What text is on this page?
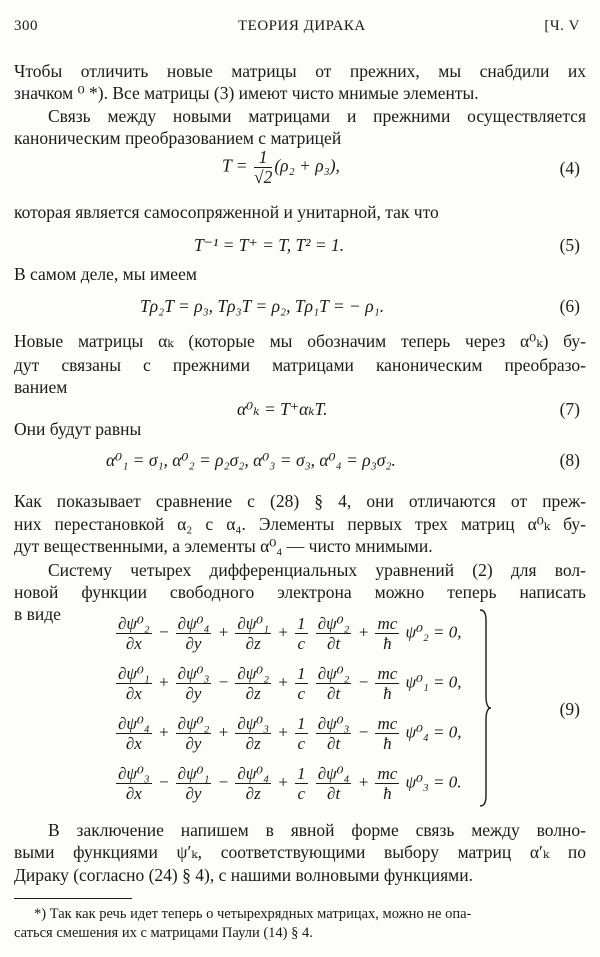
300	ТЕОРИЯ ДИРАКА	[Ч. V
Чтобы отличить новые матрицы от прежних, мы снабдили их
значком ⁰ *). Все матрицы (3) имеют чисто мнимые элементы.
Связь между новыми матрицами и прежними осуществляется
каноническим преобразованием с матрицей
$T = \frac{1}{√2} (\rho_2 + \rho_3)$,	(4)
которая является самосопряженной и унитарной, так что
T⁻¹ = T⁺ = T, T² = 1.	(5)
В самом деле, мы имеем
Tρ₂T = ρ₃, Tρ₃T = ρ₂, Tρ₁T = − ρ₁.	(6)
Новые матрицы αₖ (которые мы обозначим теперь через α⁰ₖ) бу-
дут связаны с прежними матрицами каноническим преобразо-
ванием
α⁰ₖ = T⁺αₖT.	(7)
Они будут равны
α⁰₁ = σ₁, α⁰₂ = ρ₂σ₂, α⁰₃ = σ₃, α⁰₄ = ρ₃σ₂.	(8)
Как показывает сравнение с (28) § 4, они отличаются от преж-
них перестановкой α₂ с α₄. Элементы первых трех матриц α⁰ₖ бу-
дут вещественными, а элементы α⁰₄ — чисто мнимыми.
Систему четырех дифференциальных уравнений (2) для вол-
новой функции свободного электрона можно теперь написать
в виде	$\frac{\text{∂ψ⁰₂}}{\partial x} - \frac{\text{∂ψ⁰₄}}{\partial y} + \frac{\text{∂ψ⁰₁}}{\partial z} + \frac{1}{c}$
$\frac{\text{∂ψ⁰₂}}{\partial t} + \frac{mc}{ħ} \psi^0_2 = 0$,
$\frac{\text{∂ψ⁰₁}}{\partial x} + \frac{\text{∂ψ⁰₃}}{\partial y} - \frac{\text{∂ψ⁰₂}}{\partial z} + \frac{1}{c}$
$\frac{\text{∂ψ⁰₂}}{\partial t} - \frac{mc}{ħ} \psi^0_1 = 0$,
$\frac{\text{∂ψ⁰₄}}{\partial x} + \frac{\text{∂ψ⁰₂}}{\partial y} + \frac{\text{∂ψ⁰₃}}{\partial z} + \frac{1}{c}$
$\frac{\text{∂ψ⁰₃}}{\partial t} - \frac{mc}{ħ} \psi^0_4 = 0$,
$\frac{\text{∂ψ⁰₃}}{\partial x} - \frac{\text{∂ψ⁰₁}}{\partial y} - \frac{\text{∂ψ⁰₄}}{\partial z} + \frac{1}{c}$
$\frac{\text{∂ψ⁰₄}}{\partial t} + \frac{mc}{ħ} \psi^0_3 = 0$.
(9)
В заключение напишем в явной форме связь между волно-
выми функциями ψ′ₖ, соответствующими выбору матриц α′ₖ по
Дираку (согласно (24) § 4), с нашими волновыми функциями.
*) Так как речь идет теперь о четырехрядных матрицах, можно не опа-
саться смешения их с матрицами Паули (14) § 4.
